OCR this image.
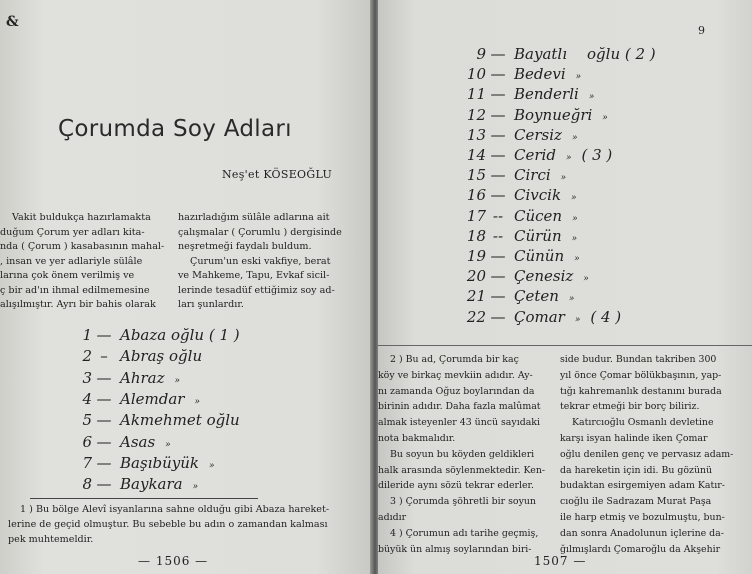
&
Çorumda Soy Adları
Neş'et KÖSEOĞLU
Vakit buldukça hazırlamakta
duğum Çorum yer adları kita-
nda ( Çorum ) kasabasının mahal-
, insan ve yer adlariyle sülâle
larına çok önem verilmiş ve
ç bir ad'ın ihmal edilmemesine
alışılmıştır. Ayrı bir bahis olarak
hazırladığım sülâle adlarına ait
çalışmalar ( Çorumlu ) dergisinde
neşretmeği faydalı buldum.
Çurum'un eski vakfiye, berat
ve Mahkeme, Tapu, Evkaf sicil-
lerinde tesadüf ettiğimiz soy ad-
ları şunlardır.
1 — Abaza oğlu ( 1 )
2 – Abraş oğlu
3 — Ahraz »
4 — Alemdar »
5 — Akmehmet oğlu
6 — Asas »
7 — Başıbüyük »
8 — Baykara »
1 ) Bu bölge Alevî isyanlarına sahne olduğu gibi Abaza hareket-
lerine de geçid olmuştur. Bu sebeble bu adın o zamandan kalması
pek muhtemeldir.
— 1506 —
9
9 — Bayatlı oğlu ( 2 )
10 — Bedevi »
11 — Benderli »
12 — Boynueğri »
13 — Cersiz »
14 — Cerid » ( 3 )
15 — Circi »
16 — Civcik »
17 -- Cücen »
18 -- Cürün »
19 — Cünün »
20 — Çenesiz »
21 — Çeten »
22 — Çomar » ( 4 )
2 ) Bu ad, Çorumda bir kaç
köy ve birkaç mevkiin adıdır. Ay-
nı zamanda Oğuz boylarından da
birinin adıdır. Daha fazla malûmat
almak isteyenler 43 üncü sayıdaki
nota bakmalıdır.
Bu soyun bu köyden geldikleri
halk arasında söylenmektedir. Ken-
dileride aynı sözü tekrar ederler.
3 ) Çorumda şöhretli bir soyun
adıdır
4 ) Çorumun adı tarihe geçmiş,
büyük ün almış soylarından biri-
side budur. Bundan takriben 300
yıl önce Çomar bölükbaşının, yap-
tığı kahremanlık destanını burada
tekrar etmeği bir borç biliriz.
Katırcıoğlu Osmanlı devletine
karşı isyan halinde iken Çomar
oğlu denilen genç ve pervasız adam-
da hareketin için idi. Bu gözünü
budaktan esirgemiyen adam Katır-
cıoğlu ile Sadrazam Murat Paşa
ile harp etmiş ve bozulmuştu, bun-
dan sonra Anadolunun içlerine da-
ğılmışlardı Çomaroğlu da Akşehir
1507 —
